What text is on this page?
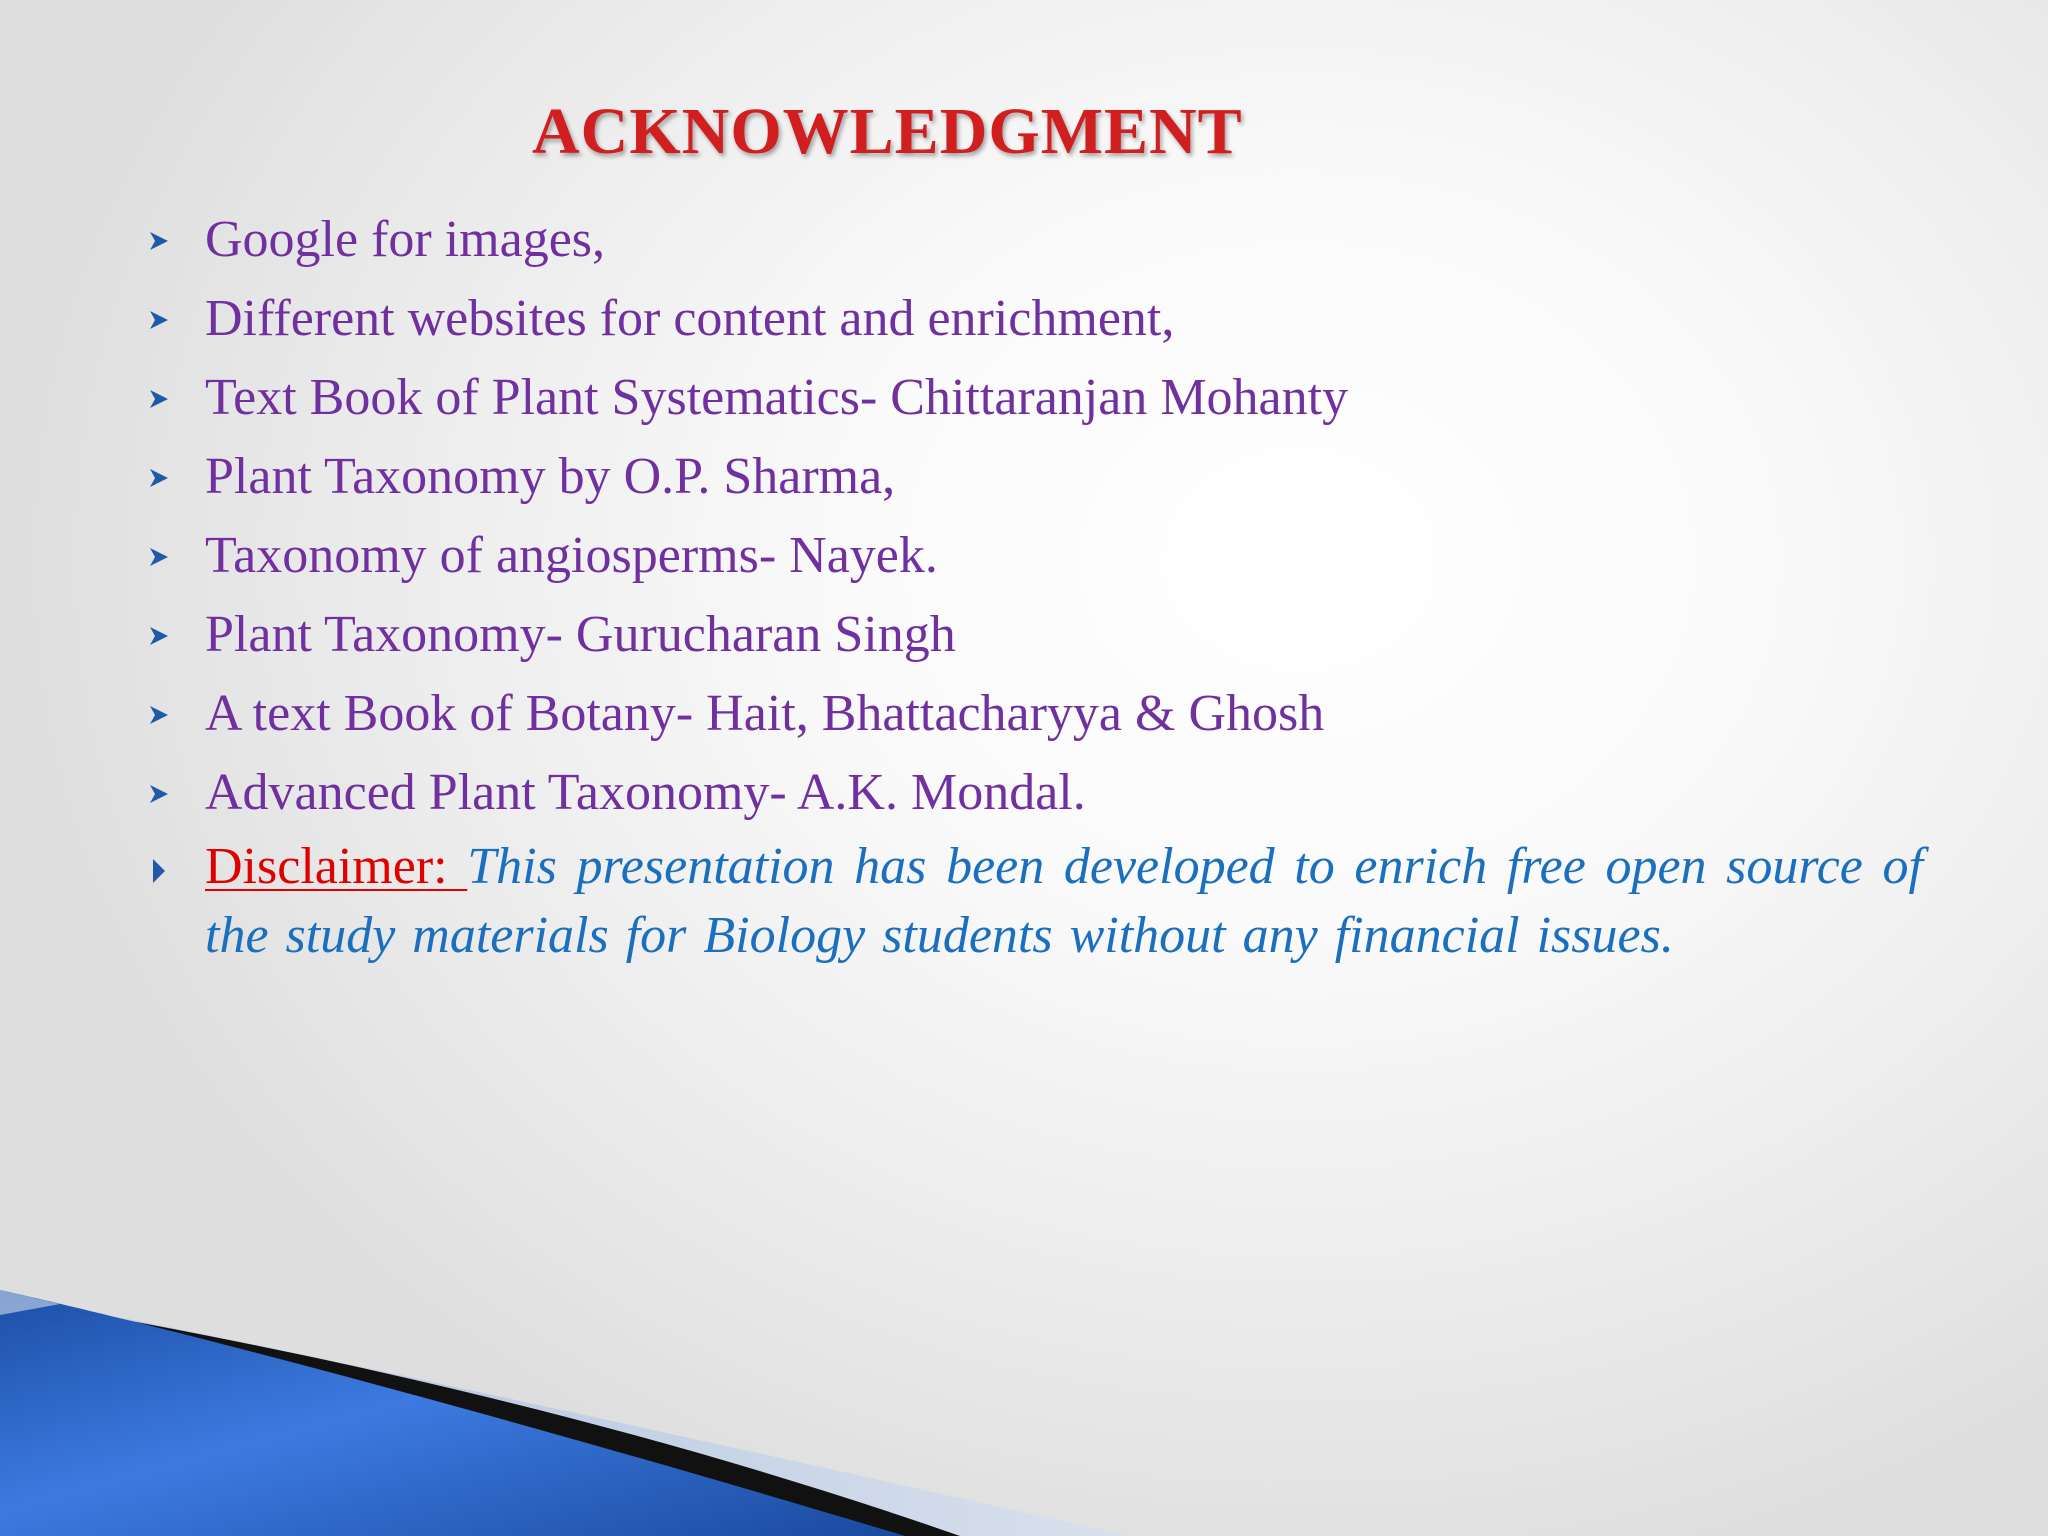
ACKNOWLEDGMENT
Google for images,
Different websites for content and enrichment,
Text Book of Plant Systematics- Chittaranjan Mohanty
Plant Taxonomy by O.P. Sharma,
Taxonomy of angiosperms- Nayek.
Plant Taxonomy- Gurucharan Singh
A text Book of Botany- Hait, Bhattacharyya & Ghosh
Advanced Plant Taxonomy- A.K. Mondal.
Disclaimer: This presentation has been developed to enrich free open source of the study materials for Biology students without any financial issues.
